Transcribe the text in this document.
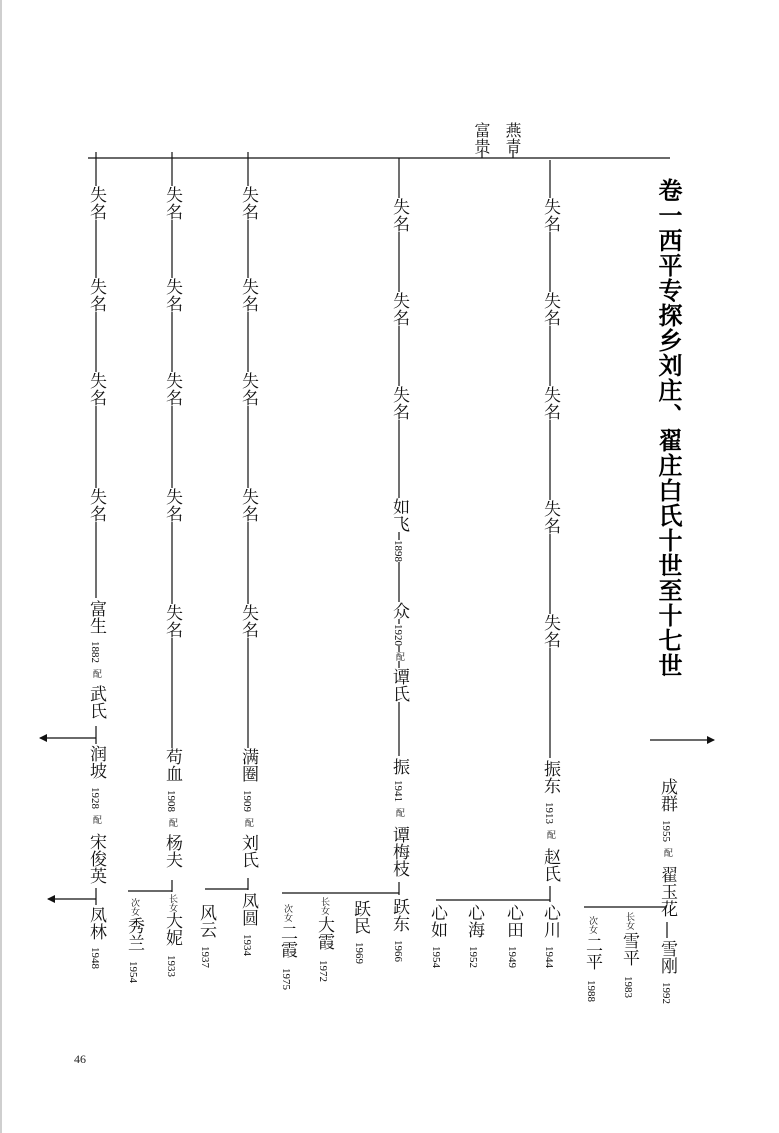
燕青
富贵
卷一西平专探乡刘庄、翟庄白氏十世至十七世
失名
失名
失名
失名
失名
失名
失名
失名
失名
失名
失名
失名
失名
失名
失名
失名
失名
失名
失名
失名
失名
失名
富生
1882
配
武氏
润坡
1928
配
宋俊英
凤林
1948
苟血
1908
配
杨夫
长女
大妮
1933
次女
秀兰
1954
满圈
1909
配
刘氏
凤圆
1934
风云
1937
如飞
1898
众
1920
配
谭氏
振
1941
配
谭梅枝
跃东
1966
跃民
1969
长女
大霞
1972
次女
二霞
1975
振东
1913
配
赵氏
心川
1944
心田
1949
心海
1952
心如
1954
成群
1955
配
翟玉花
雪刚
1992
长女
雪平
1983
次女
二平
1988
46
